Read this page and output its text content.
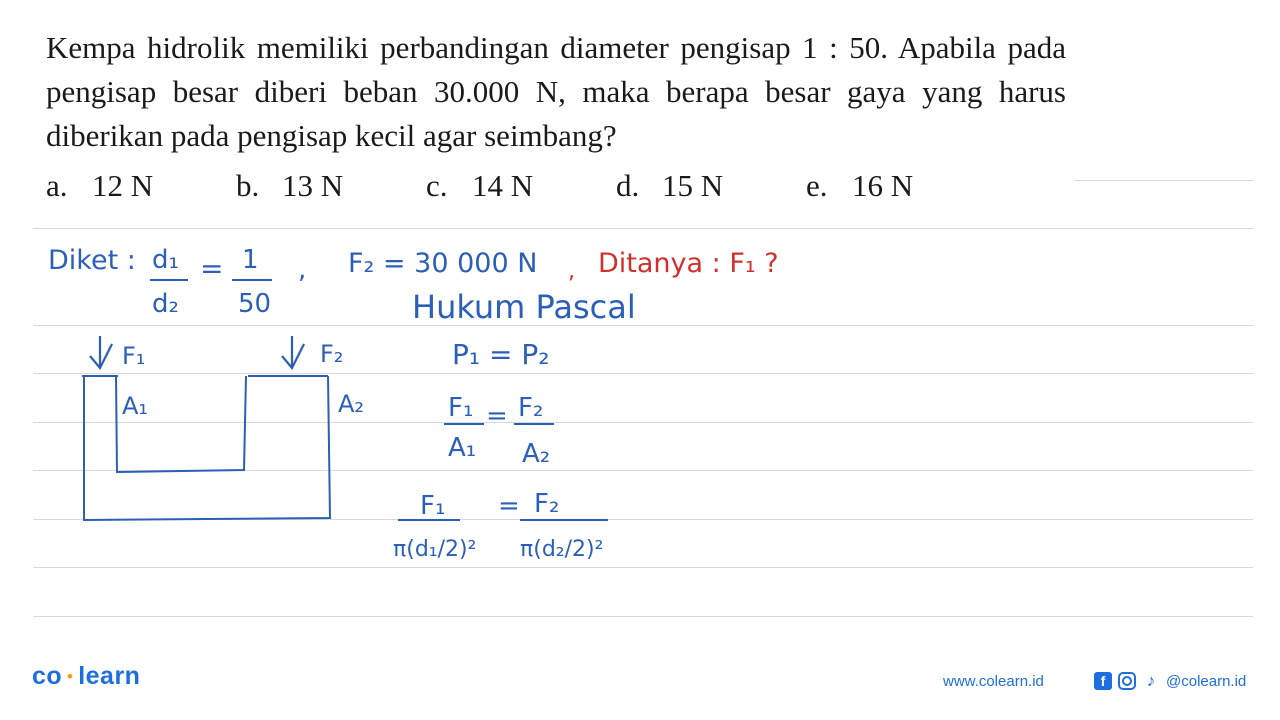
Kempa hidrolik memiliki perbandingan diameter pengisap 1 : 50. Apabila pada pengisap besar diberi beban 30.000 N, maka berapa besar gaya yang harus diberikan pada pengisap kecil agar seimbang?

a. 12 N	b. 13 N	c. 14 N	d. 15 N	e. 16 N
Diket : d₁
d₂
= 1
50
, F₂ = 30 000 N , Ditanya : F₁ ?
Hukum Pascal
F₁	F₂
A₁	A₂
P₁ = P₂
F₁
A₁
= F₂
A₂
F₁
π(d₁/2)²
= F₂
π(d₂/2)²
co • learn	www.colearn.id	f	♪ @colearn.id
